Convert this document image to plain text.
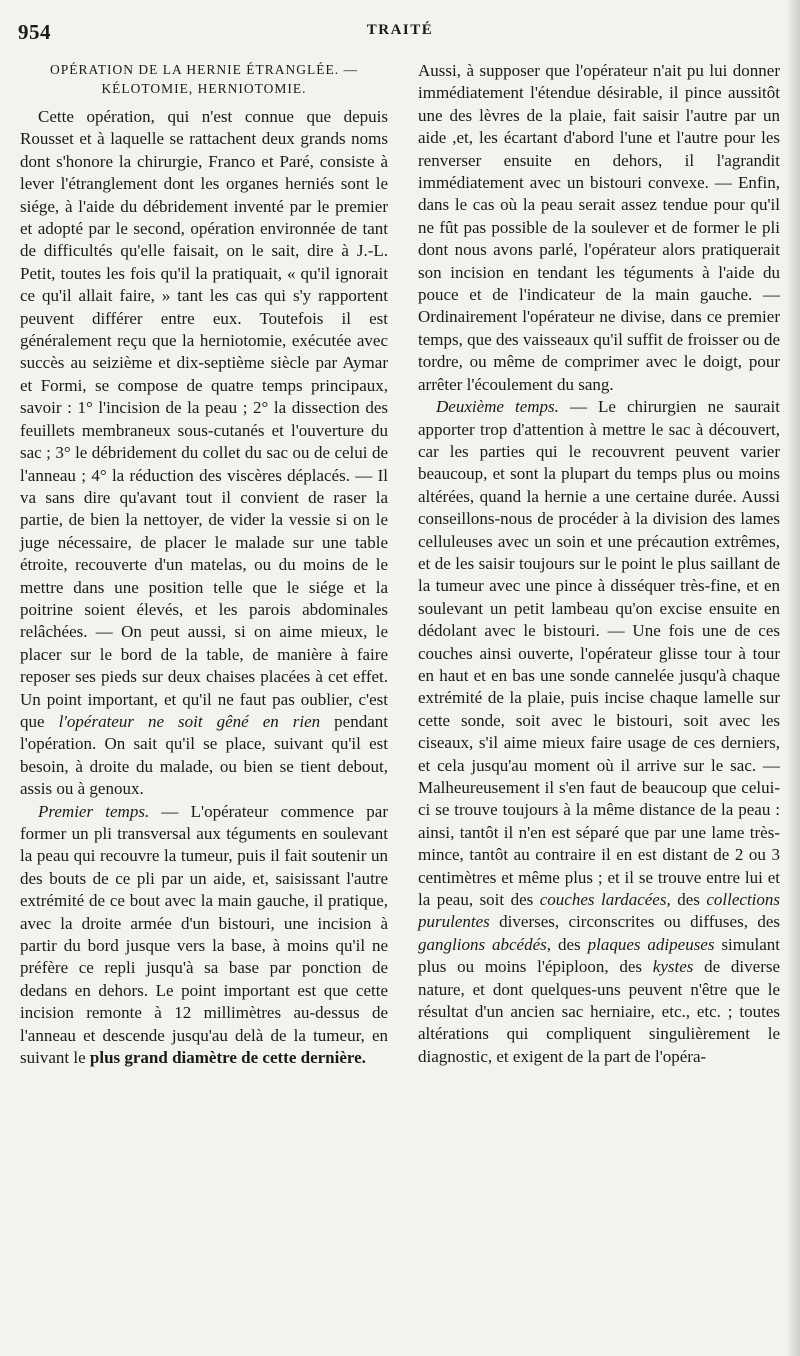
954	TRAITÉ
OPÉRATION DE LA HERNIE ÉTRANGLÉE. —
KÉLOTOMIE, HERNIOTOMIE.

Cette opération, qui n'est connue que depuis Rousset et à laquelle se rattachent deux grands noms dont s'honore la chirurgie, Franco et Paré, consiste à lever l'étranglement dont les organes herniés sont le siége, à l'aide du débridement inventé par le premier et adopté par le second, opération environnée de tant de difficultés qu'elle faisait, on le sait, dire à J.-L. Petit, toutes les fois qu'il la pratiquait, « qu'il ignorait ce qu'il allait faire, » tant les cas qui s'y rapportent peuvent différer entre eux. Toutefois il est généralement reçu que la herniotomie, exécutée avec succès au seizième et dix-septième siècle par Aymar et Formi, se compose de quatre temps principaux, savoir : 1° l'incision de la peau ; 2° la dissection des feuillets membraneux sous-cutanés et l'ouverture du sac ; 3° le débridement du collet du sac ou de celui de l'anneau ; 4° la réduction des viscères déplacés. — Il va sans dire qu'avant tout il convient de raser la partie, de bien la nettoyer, de vider la vessie si on le juge nécessaire, de placer le malade sur une table étroite, recouverte d'un matelas, ou du moins de le mettre dans une position telle que le siége et la poitrine soient élevés, et les parois abdominales relâchées. — On peut aussi, si on aime mieux, le placer sur le bord de la table, de manière à faire reposer ses pieds sur deux chaises placées à cet effet. Un point important, et qu'il ne faut pas oublier, c'est que l'opérateur ne soit gêné en rien pendant l'opération. On sait qu'il se place, suivant qu'il est besoin, à droite du malade, ou bien se tient debout, assis ou à genoux.

Premier temps. — L'opérateur commence par former un pli transversal aux téguments en soulevant la peau qui recouvre la tumeur, puis il fait soutenir un des bouts de ce pli par un aide, et, saisissant l'autre extrémité de ce bout avec la main gauche, il pratique, avec la droite armée d'un bistouri, une incision à partir du bord jusque vers la base, à moins qu'il ne préfère ce repli jusqu'à sa base par ponction de dedans en dehors. Le point important est que cette incision remonte à 12 millimètres au-dessus de l'anneau et descende jusqu'au delà de la tumeur, en suivant le plus grand diamètre de cette dernière.

Aussi, à supposer que l'opérateur n'ait pu lui donner immédiatement l'étendue désirable, il pince aussitôt une des lèvres de la plaie, fait saisir l'autre par un aide ,et, les écartant d'abord l'une et l'autre pour les renverser ensuite en dehors, il l'agrandit immédiatement avec un bistouri convexe. — Enfin, dans le cas où la peau serait assez tendue pour qu'il ne fût pas possible de la soulever et de former le pli dont nous avons parlé, l'opérateur alors pratiquerait son incision en tendant les téguments à l'aide du pouce et de l'indicateur de la main gauche. — Ordinairement l'opérateur ne divise, dans ce premier temps, que des vaisseaux qu'il suffit de froisser ou de tordre, ou même de comprimer avec le doigt, pour arrêter l'écoulement du sang.

Deuxième temps. — Le chirurgien ne saurait apporter trop d'attention à mettre le sac à découvert, car les parties qui le recouvrent peuvent varier beaucoup, et sont la plupart du temps plus ou moins altérées, quand la hernie a une certaine durée. Aussi conseillons-nous de procéder à la division des lames celluleuses avec un soin et une précaution extrêmes, et de les saisir toujours sur le point le plus saillant de la tumeur avec une pince à disséquer très-fine, et en soulevant un petit lambeau qu'on excise ensuite en dédolant avec le bistouri. — Une fois une de ces couches ainsi ouverte, l'opérateur glisse tour à tour en haut et en bas une sonde cannelée jusqu'à chaque extrémité de la plaie, puis incise chaque lamelle sur cette sonde, soit avec le bistouri, soit avec les ciseaux, s'il aime mieux faire usage de ces derniers, et cela jusqu'au moment où il arrive sur le sac. — Malheureusement il s'en faut de beaucoup que celui-ci se trouve toujours à la même distance de la peau : ainsi, tantôt il n'en est séparé que par une lame très-mince, tantôt au contraire il en est distant de 2 ou 3 centimètres et même plus ; et il se trouve entre lui et la peau, soit des couches lardacées, des collections purulentes diverses, circonscrites ou diffuses, des ganglions abcédés, des plaques adipeuses simulant plus ou moins l'épiploon, des kystes de diverse nature, et dont quelques-uns peuvent n'être que le résultat d'un ancien sac herniaire, etc., etc. ; toutes altérations qui compliquent singulièrement le diagnostic, et exigent de la part de l'opéra-
